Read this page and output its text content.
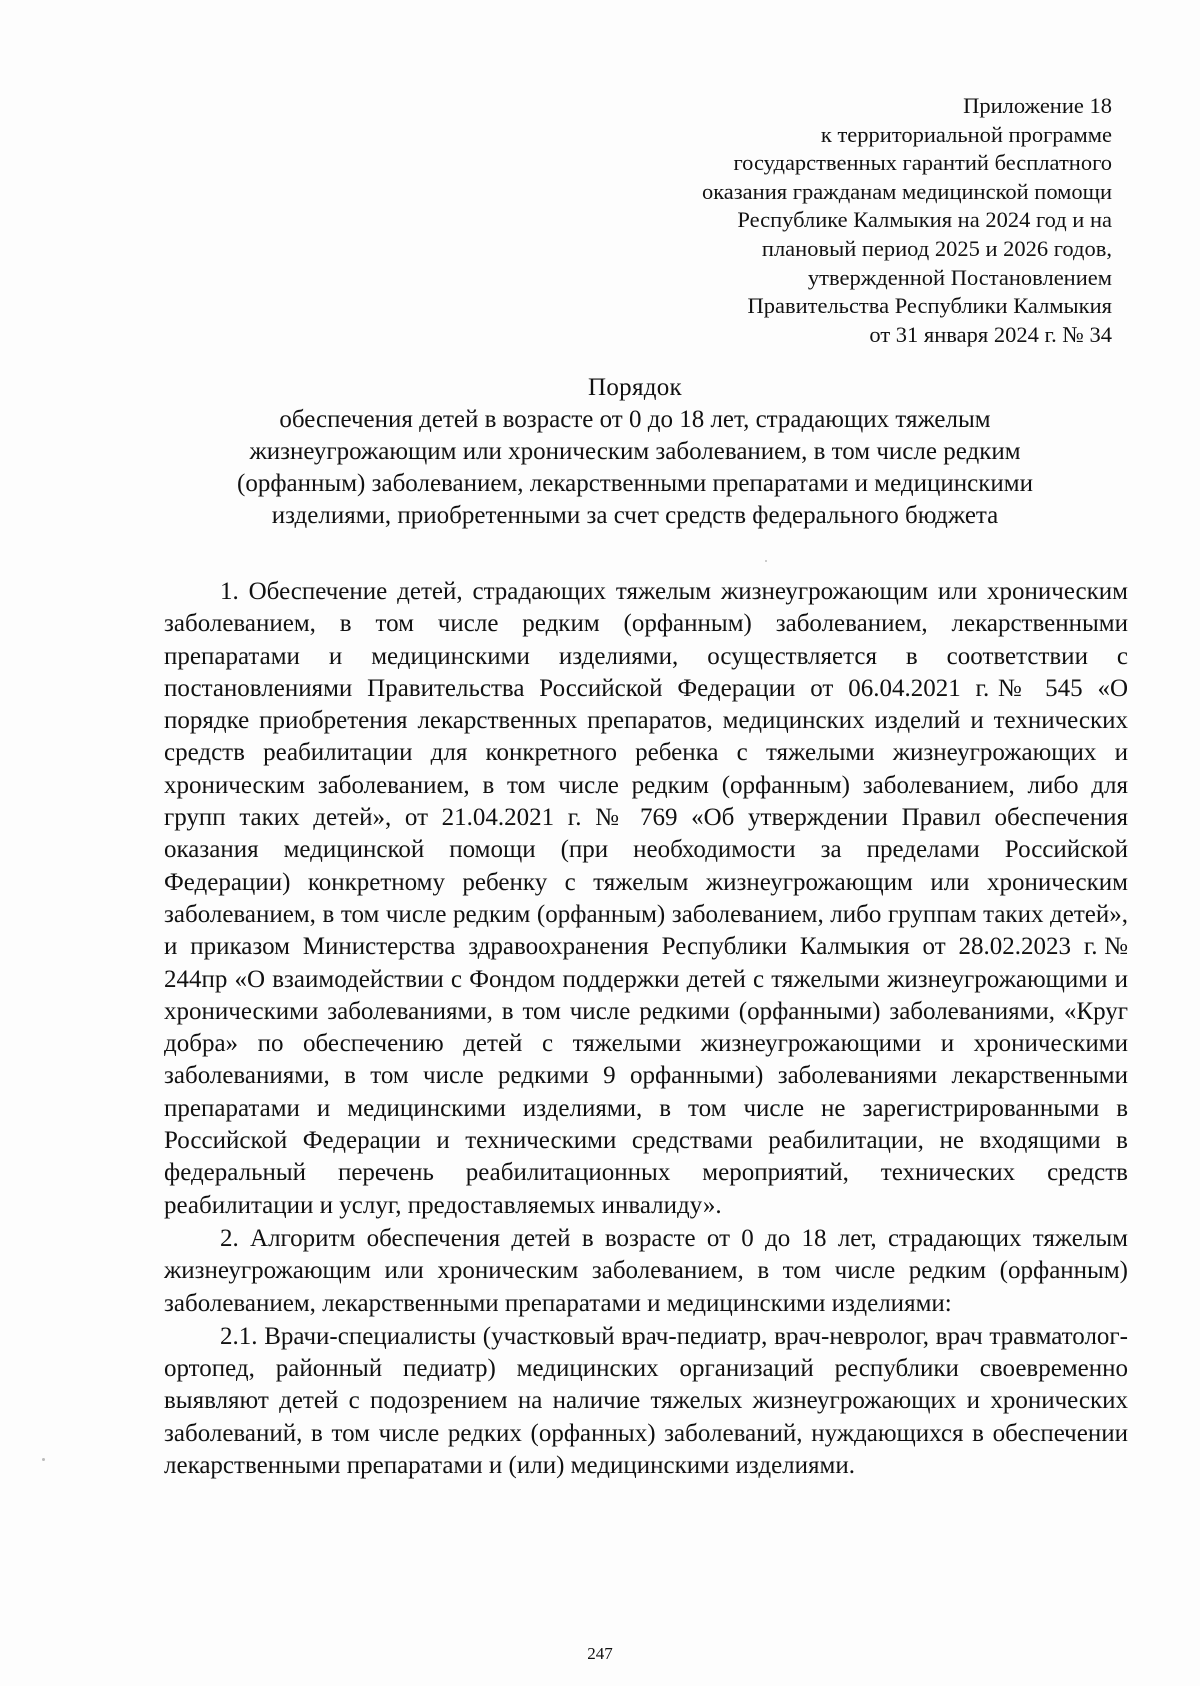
Приложение 18
к территориальной программе
государственных гарантий бесплатного
оказания гражданам медицинской помощи
Республике Калмыкия на 2024 год и на
плановый период 2025 и 2026 годов,
утвержденной Постановлением
Правительства Республики Калмыкия
от 31 января 2024 г. № 34
Порядок
обеспечения детей в возрасте от 0 до 18 лет, страдающих тяжелым
жизнеугрожающим или хроническим заболеванием, в том числе редким
(орфанным) заболеванием, лекарственными препаратами и медицинскими
изделиями, приобретенными за счет средств федерального бюджета

1. Обеспечение детей, страдающих тяжелым жизнеугрожающим или хроническим заболеванием, в том числе редким (орфанным) заболеванием, лекарственными препаратами и медицинскими изделиями, осуществляется в соответствии с постановлениями Правительства Российской Федерации от 06.04.2021 г.№ 545 «О порядке приобретения лекарственных препаратов, медицинских изделий и технических средств реабилитации для конкретного ребенка с тяжелыми жизнеугрожающих и хроническим заболеванием, в том числе редким (орфанным) заболеванием, либо для групп таких детей», от 21.04.2021 г. № 769 «Об утверждении Правил обеспечения оказания медицинской помощи (при необходимости за пределами Российской Федерации) конкретному ребенку с тяжелым жизнеугрожающим или хроническим заболеванием, в том числе редким (орфанным) заболеванием, либо группам таких детей», и приказом Министерства здравоохранения Республики Калмыкия от 28.02.2023 г.№ 244пр «О взаимодействии с Фондом поддержки детей с тяжелыми жизнеугрожающими и хроническими заболеваниями, в том числе редкими (орфанными) заболеваниями, «Круг добра» по обеспечению детей с тяжелыми жизнеугрожающими и хроническими заболеваниями, в том числе редкими 9 орфанными) заболеваниями лекарственными препаратами и медицинскими изделиями, в том числе не зарегистрированными в Российской Федерации и техническими средствами реабилитации, не входящими в федеральный перечень реабилитационных мероприятий, технических средств реабилитации и услуг, предоставляемых инвалиду».

2. Алгоритм обеспечения детей в возрасте от 0 до 18 лет, страдающих тяжелым жизнеугрожающим или хроническим заболеванием, в том числе редким (орфанным) заболеванием, лекарственными препаратами и медицинскими изделиями:

2.1. Врачи-специалисты (участковый врач-педиатр, врач-невролог, врач травматолог-ортопед, районный педиатр) медицинских организаций республики своевременно выявляют детей с подозрением на наличие тяжелых жизнеугрожающих и хронических заболеваний, в том числе редких (орфанных) заболеваний, нуждающихся в обеспечении лекарственными препаратами и (или) медицинскими изделиями.

247
